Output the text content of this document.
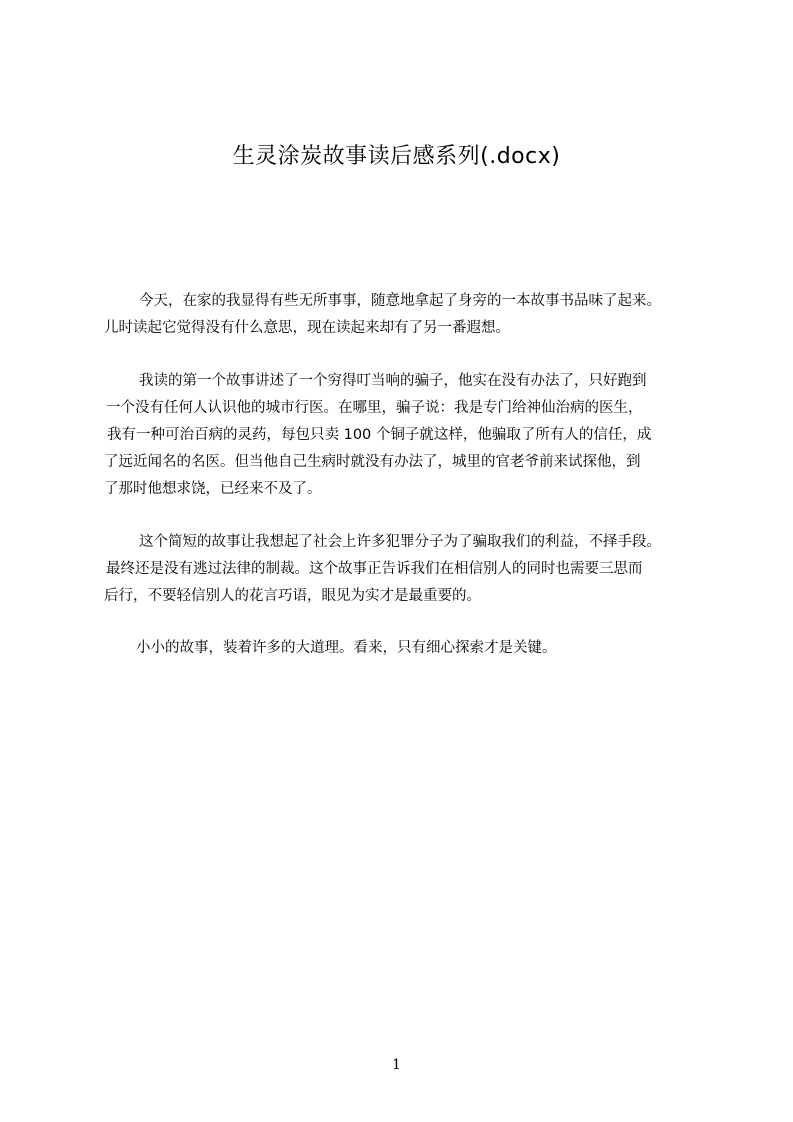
生灵涂炭故事读后感系列(.docx)
今天，在家的我显得有些无所事事，随意地拿起了身旁的一本故事书品味了起来。
儿时读起它觉得没有什么意思，现在读起来却有了另一番遐想。
我读的第一个故事讲述了一个穷得叮当响的骗子，他实在没有办法了，只好跑到
一个没有任何人认识他的城市行医。在哪里，骗子说：我是专门给神仙治病的医生，
我有一种可治百病的灵药，每包只卖 100 个铜子就这样，他骗取了所有人的信任，成
了远近闻名的名医。但当他自己生病时就没有办法了，城里的官老爷前来试探他，到
了那时他想求饶，已经来不及了。
这个简短的故事让我想起了社会上许多犯罪分子为了骗取我们的利益，不择手段。
最终还是没有逃过法律的制裁。这个故事正告诉我们在相信别人的同时也需要三思而
后行，不要轻信别人的花言巧语，眼见为实才是最重要的。
小小的故事，装着许多的大道理。看来，只有细心探索才是关键。
1
